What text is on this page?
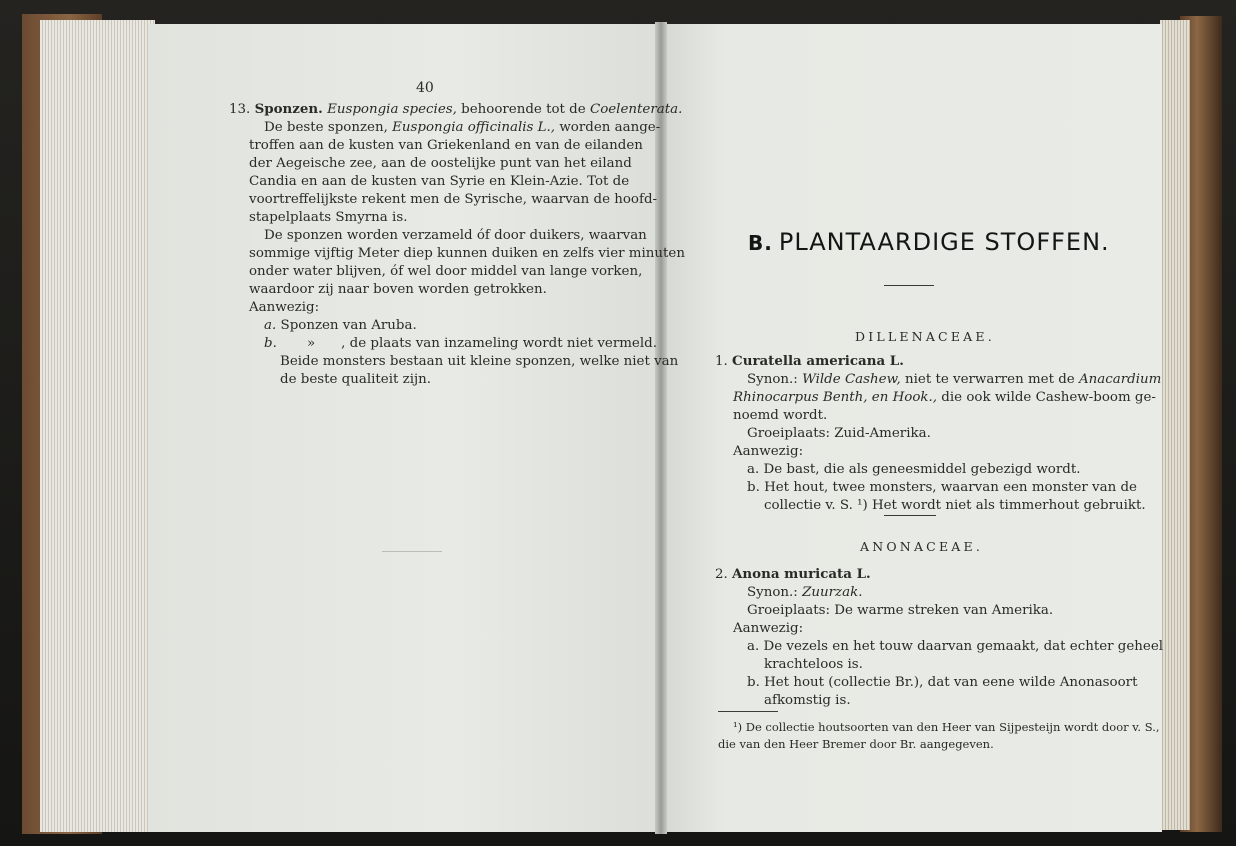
40
13. Sponzen. Euspongia species, behoorende tot de Coelenterata.
De beste sponzen, Euspongia officinalis L., worden aange-
troffen aan de kusten van Griekenland en van de eilanden
der Aegeische zee, aan de oostelijke punt van het eiland
Candia en aan de kusten van Syrie en Klein-Azie. Tot de
voortreffelijkste rekent men de Syrische, waarvan de hoofd-
stapelplaats Smyrna is.
De sponzen worden verzameld óf door duikers, waarvan
sommige vijftig Meter diep kunnen duiken en zelfs vier minuten
onder water blijven, óf wel door middel van lange vorken,
waardoor zij naar boven worden getrokken.
Aanwezig:
a. Sponzen van Aruba.
b. » , de plaats van inzameling wordt niet vermeld.
Beide monsters bestaan uit kleine sponzen, welke niet van
de beste qualiteit zijn.
B. PLANTAARDIGE STOFFEN.
DILLENACEAE.
1. Curatella americana L.
Synon.: Wilde Cashew, niet te verwarren met de Anacardium
Rhinocarpus Benth, en Hook., die ook wilde Cashew-boom ge-
noemd wordt.
Groeiplaats: Zuid-Amerika.
Aanwezig:
a. De bast, die als geneesmiddel gebezigd wordt.
b. Het hout, twee monsters, waarvan een monster van de
collectie v. S. ¹) Het wordt niet als timmerhout gebruikt.
ANONACEAE.
2. Anona muricata L.
Synon.: Zuurzak.
Groeiplaats: De warme streken van Amerika.
Aanwezig:
a. De vezels en het touw daarvan gemaakt, dat echter geheel
krachteloos is.
b. Het hout (collectie Br.), dat van eene wilde Anonasoort
afkomstig is.
¹) De collectie houtsoorten van den Heer van Sijpesteijn wordt door v. S.,
die van den Heer Bremer door Br. aangegeven.
